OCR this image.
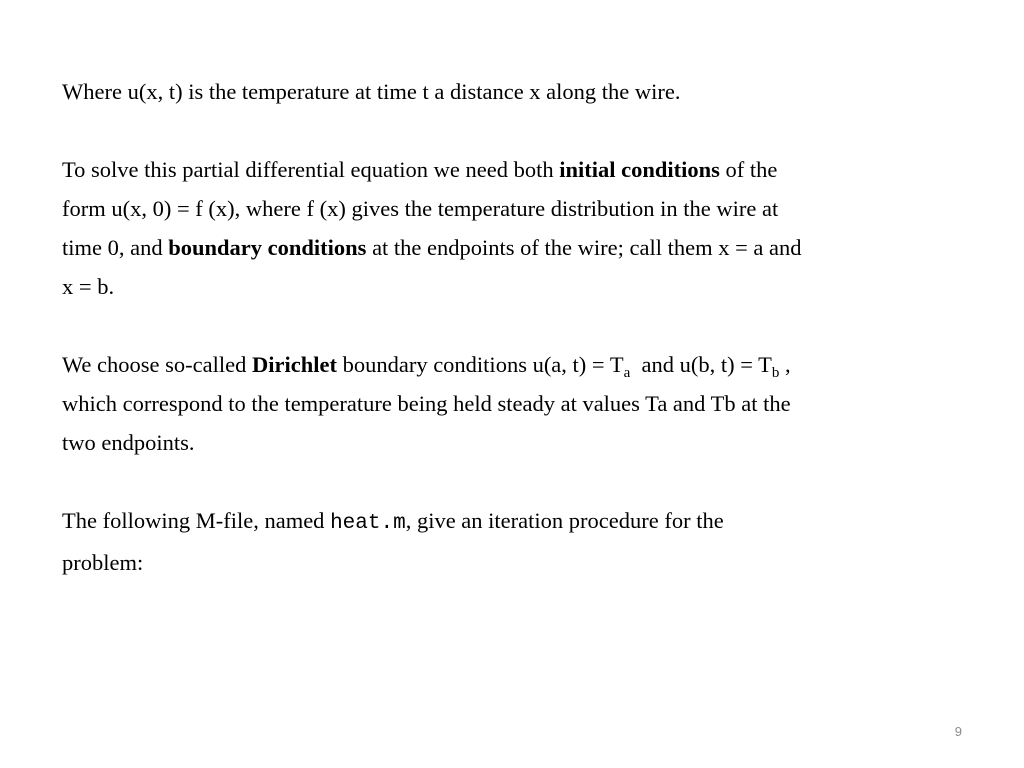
Where u(x, t) is the temperature at time t a distance x along the wire.

To solve this partial differential equation we need both initial conditions of the
form u(x, 0) = f (x), where f (x) gives the temperature distribution in the wire at
time 0, and boundary conditions at the endpoints of the wire; call them x = a and
x = b.

We choose so-called Dirichlet boundary conditions u(a, $t) = T_a$  and u(b, $t) = T_b$ ,
which correspond to the temperature being held steady at values Ta and Tb at the
two endpoints.

The following M-file, named heat.m, give an iteration procedure for the
problem:

9
